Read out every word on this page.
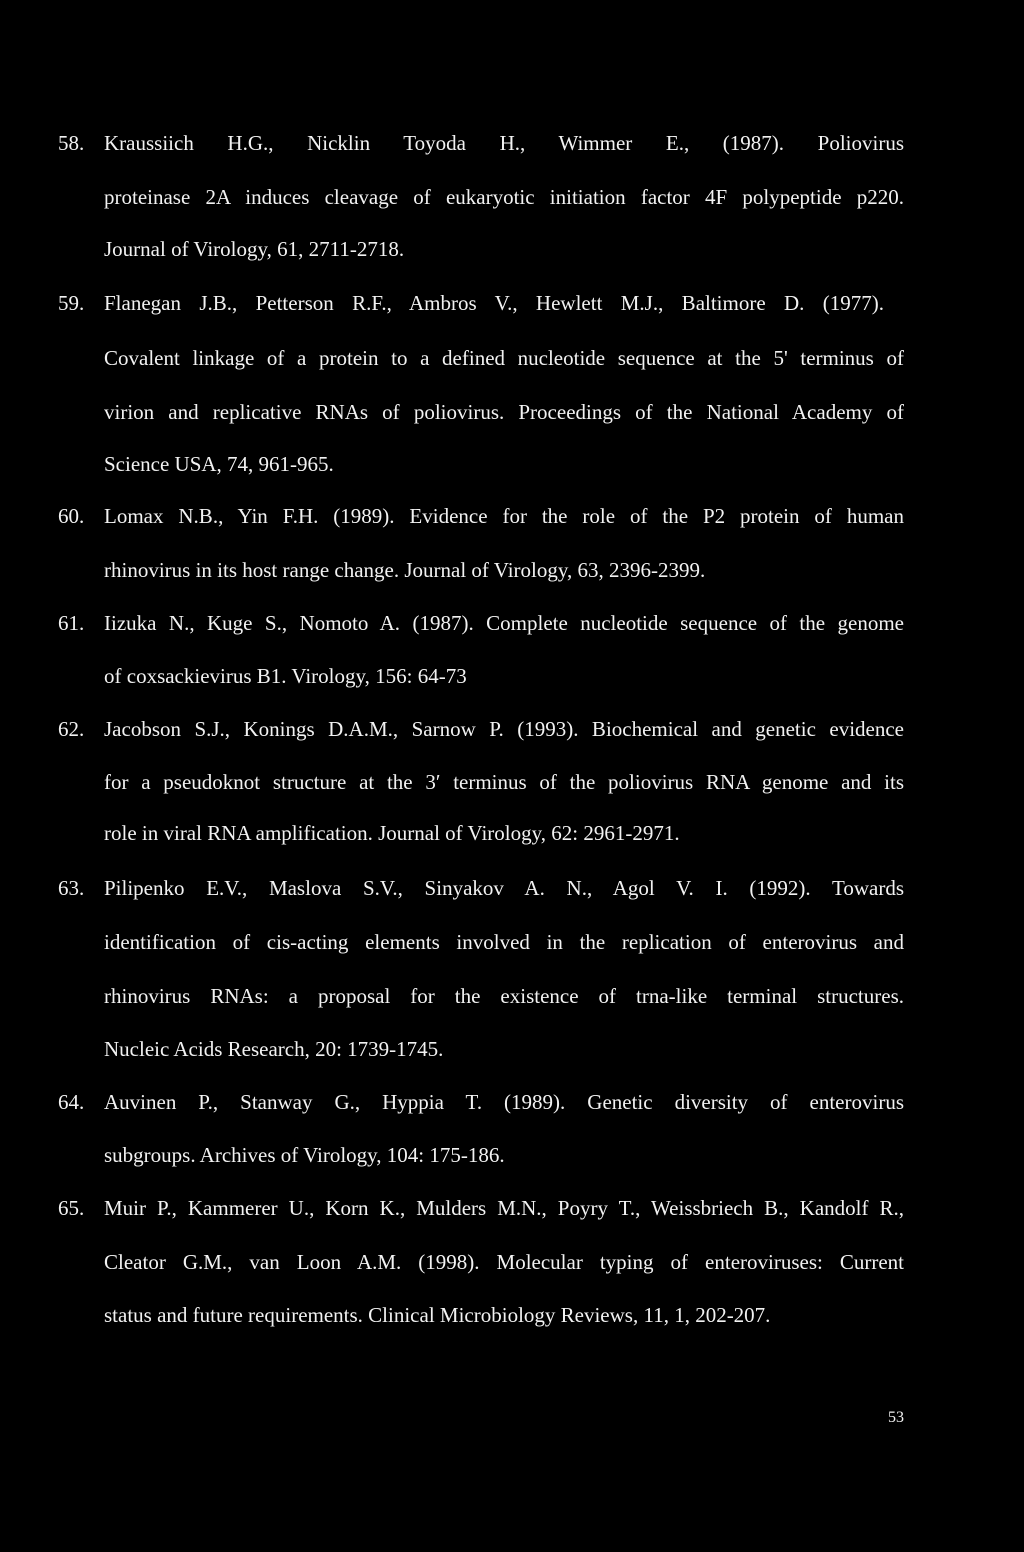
58. Kraussiich H.G., Nicklin Toyoda H., Wimmer E., (1987). Poliovirus
proteinase 2A induces cleavage of eukaryotic initiation factor 4F polypeptide p220.
Journal of Virology, 61, 2711-2718.
59. Flanegan J.B., Petterson R.F., Ambros V., Hewlett M.J., Baltimore D. (1977).
Covalent linkage of a protein to a defined nucleotide sequence at the 5' terminus of
virion and replicative RNAs of poliovirus. Proceedings of the National Academy of
Science USA, 74, 961-965.
60. Lomax N.B., Yin F.H. (1989). Evidence for the role of the P2 protein of human
rhinovirus in its host range change. Journal of Virology, 63, 2396-2399.
61. Iizuka N., Kuge S., Nomoto A. (1987). Complete nucleotide sequence of the genome
of coxsackievirus B1. Virology, 156: 64-73
62. Jacobson S.J., Konings D.A.M., Sarnow P. (1993). Biochemical and genetic evidence
for a pseudoknot structure at the 3′ terminus of the poliovirus RNA genome and its
role in viral RNA amplification. Journal of Virology, 62: 2961-2971.
63. Pilipenko E.V., Maslova S.V., Sinyakov A. N., Agol V. I. (1992). Towards
identification of cis-acting elements involved in the replication of enterovirus and
rhinovirus RNAs: a proposal for the existence of trna-like terminal structures.
Nucleic Acids Research, 20: 1739-1745.
64. Auvinen P., Stanway G., Hyppia T. (1989). Genetic diversity of enterovirus
subgroups. Archives of Virology, 104: 175-186.
65. Muir P., Kammerer U., Korn K., Mulders M.N., Poyry T., Weissbriech B., Kandolf R.,
Cleator G.M., van Loon A.M. (1998). Molecular typing of enteroviruses: Current
status and future requirements. Clinical Microbiology Reviews, 11, 1, 202-207.
53
